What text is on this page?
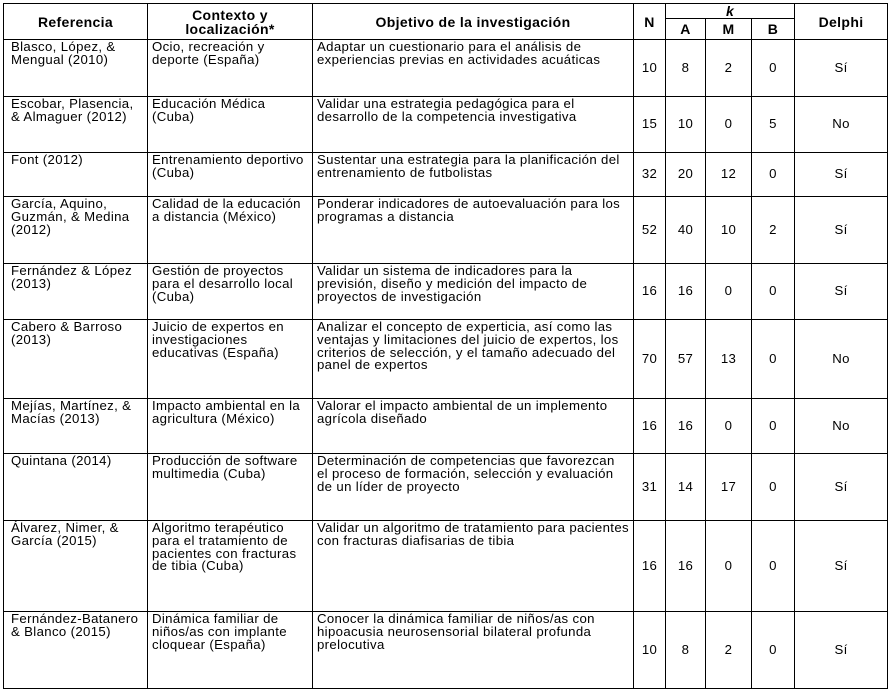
Referencia	Contexto y localización*	Objetivo de la investigación	N	k			Delphi
				A	M	B	
Blasco, López, & Mengual (2010)	Ocio, recreación y deporte (España)	Adaptar un cuestionario para el análisis de experiencias previas en actividades acuáticas	10	8	2	0	Sí
Escobar, Plasencia, & Almaguer (2012)	Educación Médica (Cuba)	Validar una estrategia pedagógica para el desarrollo de la competencia investigativa	15	10	0	5	No
Font (2012)	Entrenamiento deportivo (Cuba)	Sustentar una estrategia para la planificación del entrenamiento de futbolistas	32	20	12	0	Sí
García, Aquino, Guzmán, & Medina (2012)	Calidad de la educación a distancia (México)	Ponderar indicadores de autoevaluación para los programas a distancia	52	40	10	2	Sí
Fernández & López (2013)	Gestión de proyectos para el desarrollo local (Cuba)	Validar un sistema de indicadores para la previsión, diseño y medición del impacto de proyectos de investigación	16	16	0	0	Sí
Cabero & Barroso (2013)	Juicio de expertos en investigaciones educativas (España)	Analizar el concepto de experticia, así como las ventajas y limitaciones del juicio de expertos, los criterios de selección, y el tamaño adecuado del panel de expertos	70	57	13	0	No
Mejías, Martínez, & Macías (2013)	Impacto ambiental en la agricultura (México)	Valorar el impacto ambiental de un implemento agrícola diseñado	16	16	0	0	No
Quintana (2014)	Producción de software multimedia (Cuba)	Determinación de competencias que favorezcan el proceso de formación, selección y evaluación de un líder de proyecto	31	14	17	0	Sí
Álvarez, Nimer, & García (2015)	Algoritmo terapéutico para el tratamiento de pacientes con fracturas de tibia (Cuba)	Validar un algoritmo de tratamiento para pacientes con fracturas diafisarias de tibia	16	16	0	0	Sí
Fernández-Batanero & Blanco (2015)	Dinámica familiar de niños/as con implante cloquear (España)	Conocer la dinámica familiar de niños/as con hipoacusia neurosensorial bilateral profunda prelocutiva	10	8	2	0	Sí
